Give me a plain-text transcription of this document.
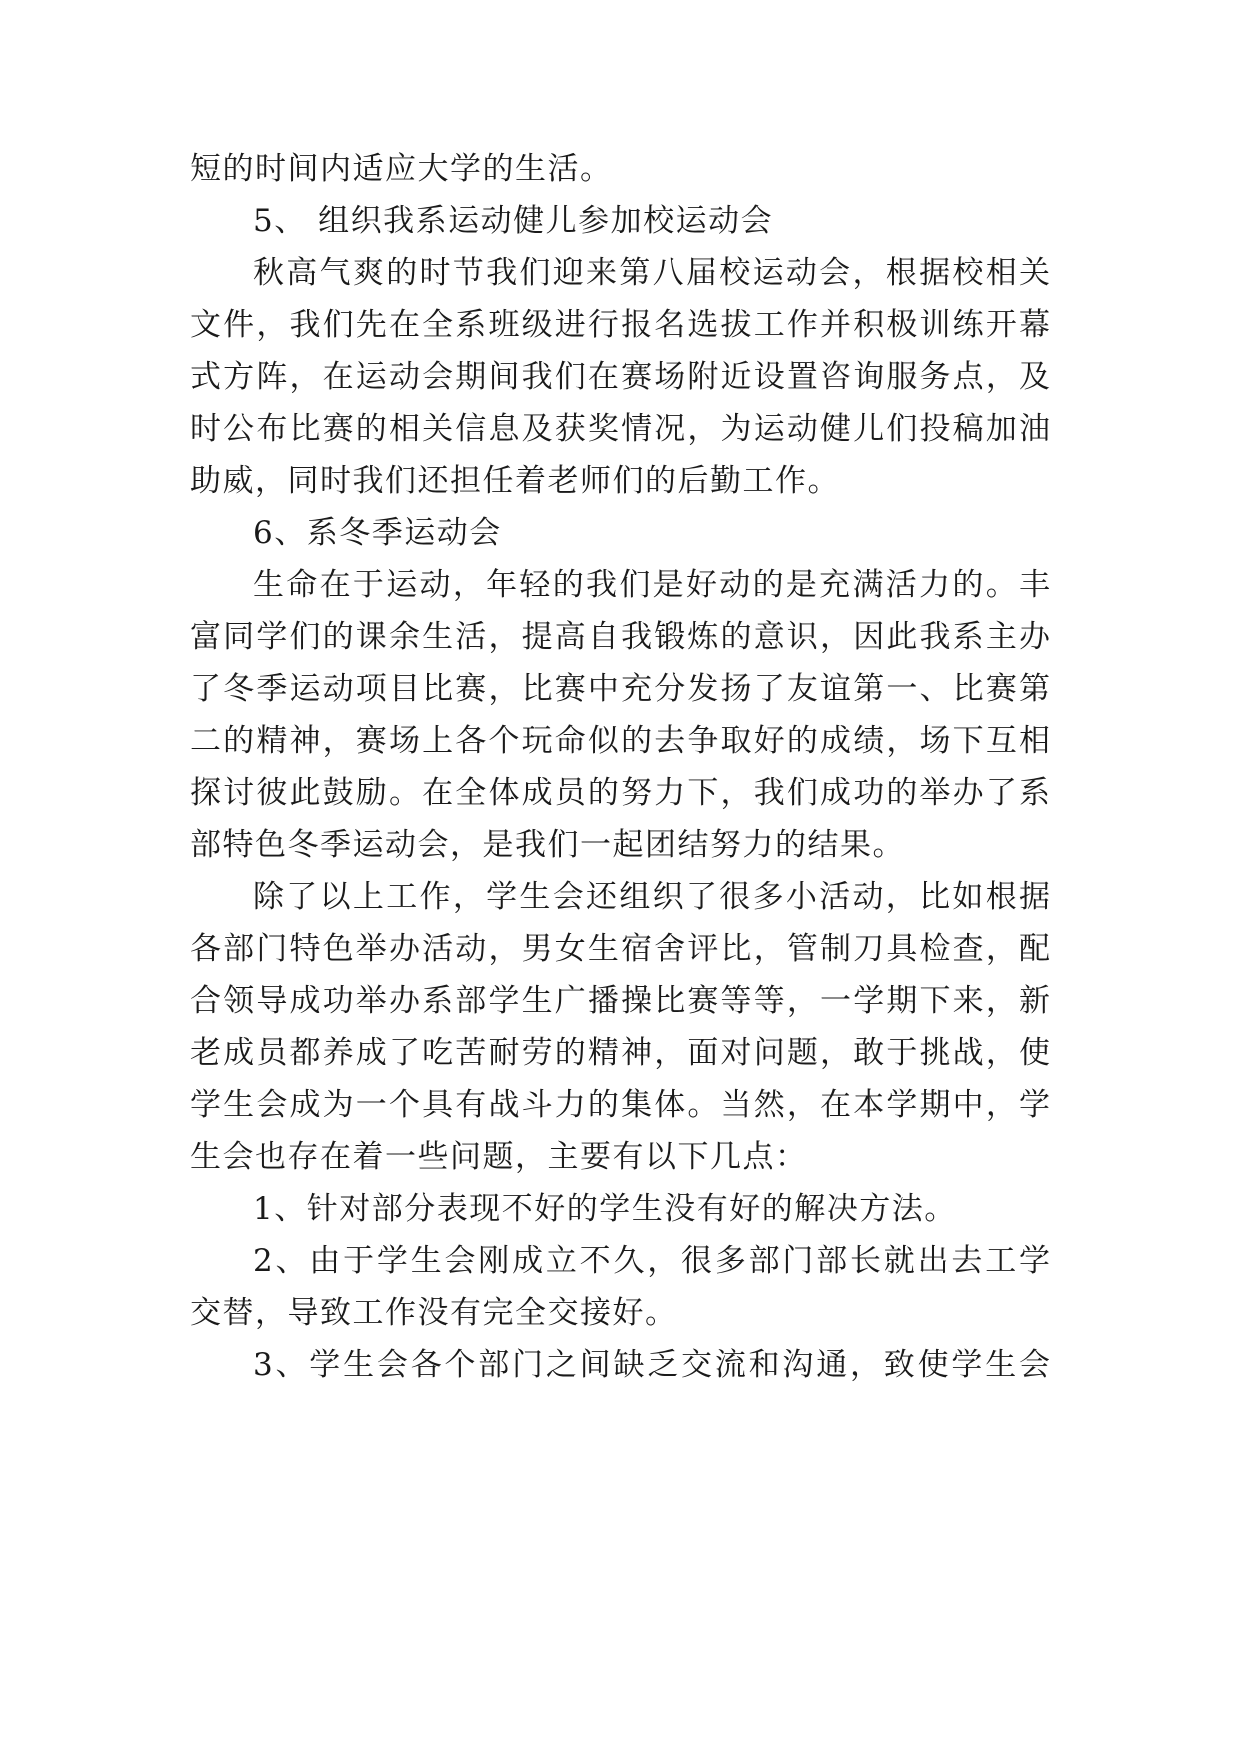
短的时间内适应大学的生活。
5、 组织我系运动健儿参加校运动会
秋高气爽的时节我们迎来第八届校运动会，根据校相关
文件，我们先在全系班级进行报名选拔工作并积极训练开幕
式方阵，在运动会期间我们在赛场附近设置咨询服务点，及
时公布比赛的相关信息及获奖情况，为运动健儿们投稿加油
助威，同时我们还担任着老师们的后勤工作。
6、系冬季运动会
生命在于运动，年轻的我们是好动的是充满活力的。丰
富同学们的课余生活，提高自我锻炼的意识，因此我系主办
了冬季运动项目比赛，比赛中充分发扬了友谊第一、比赛第
二的精神，赛场上各个玩命似的去争取好的成绩，场下互相
探讨彼此鼓励。在全体成员的努力下，我们成功的举办了系
部特色冬季运动会，是我们一起团结努力的结果。
除了以上工作，学生会还组织了很多小活动，比如根据
各部门特色举办活动，男女生宿舍评比，管制刀具检查，配
合领导成功举办系部学生广播操比赛等等，一学期下来，新
老成员都养成了吃苦耐劳的精神，面对问题，敢于挑战，使
学生会成为一个具有战斗力的集体。当然，在本学期中，学
生会也存在着一些问题，主要有以下几点：
1、针对部分表现不好的学生没有好的解决方法。
2、由于学生会刚成立不久，很多部门部长就出去工学
交替，导致工作没有完全交接好。
3、学生会各个部门之间缺乏交流和沟通，致使学生会
